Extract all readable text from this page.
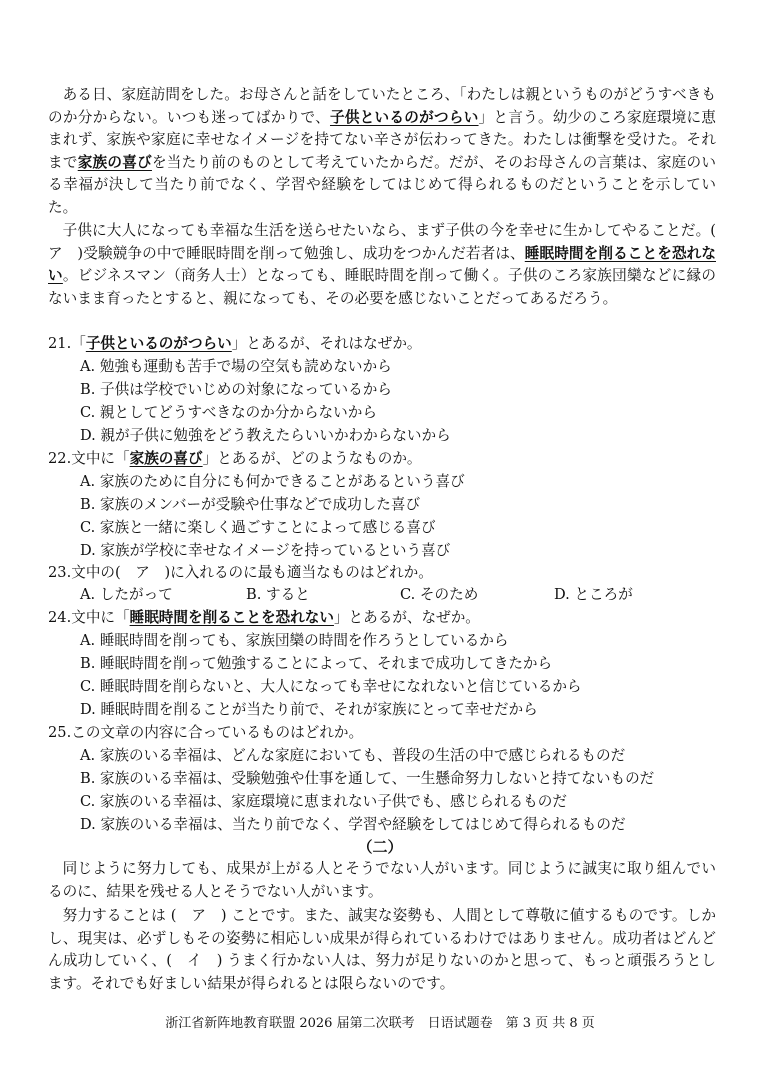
ある日、家庭訪問をした。お母さんと話をしていたところ、「わたしは親というものがどうすべきものか分からない。いつも迷ってばかりで、子供といるのがつらい」と言う。幼少のころ家庭環境に恵まれず、家族や家庭に幸せなイメージを持てない辛さが伝わってきた。わたしは衝撃を受けた。それまで家族の喜びを当たり前のものとして考えていたからだ。だが、そのお母さんの言葉は、家庭のいる幸福が決して当たり前でなく、学習や経験をしてはじめて得られるものだということを示していた。
子供に大人になっても幸福な生活を送らせたいなら、まず子供の今を幸せに生かしてやることだ。(　ア　)受験競争の中で睡眠時間を削って勉強し、成功をつかんだ若者は、睡眠時間を削ることを恐れない。ビジネスマン（商务人士）となっても、睡眠時間を削って働く。子供のころ家族団欒などに縁のないまま育ったとすると、親になっても、その必要を感じないことだってあるだろう。
21.「子供といるのがつらい」とあるが、それはなぜか。
A. 勉強も運動も苦手で場の空気も読めないから
B. 子供は学校でいじめの対象になっているから
C. 親としてどうすべきなのか分からないから
D. 親が子供に勉強をどう教えたらいいかわからないから
22.文中に「家族の喜び」とあるが、どのようなものか。
A. 家族のために自分にも何かできることがあるという喜び
B. 家族のメンバーが受験や仕事などで成功した喜び
C. 家族と一緒に楽しく過ごすことによって感じる喜び
D. 家族が学校に幸せなイメージを持っているという喜び
23.文中の(　ア　)に入れるのに最も適当なものはどれか。
A. したがって	B. すると	C. そのため	D. ところが
24.文中に「睡眠時間を削ることを恐れない」とあるが、なぜか。
A. 睡眠時間を削っても、家族団欒の時間を作ろうとしているから
B. 睡眠時間を削って勉強することによって、それまで成功してきたから
C. 睡眠時間を削らないと、大人になっても幸せになれないと信じているから
D. 睡眠時間を削ることが当たり前で、それが家族にとって幸せだから
25.この文章の内容に合っているものはどれか。
A. 家族のいる幸福は、どんな家庭においても、普段の生活の中で感じられるものだ
B. 家族のいる幸福は、受験勉強や仕事を通して、一生懸命努力しないと持てないものだ
C. 家族のいる幸福は、家庭環境に恵まれない子供でも、感じられるものだ
D. 家族のいる幸福は、当たり前でなく、学習や経験をしてはじめて得られるものだ
（二）
同じように努力しても、成果が上がる人とそうでない人がいます。同じように誠実に取り組んでいるのに、結果を残せる人とそうでない人がいます。
努力することは (　ア　) ことです。また、誠実な姿勢も、人間として尊敬に値するものです。しかし、現実は、必ずしもその姿勢に相応しい成果が得られているわけではありません。成功者はどんどん成功していく、(　イ　) うまく行かない人は、努力が足りないのかと思って、もっと頑張ろうとします。それでも好ましい結果が得られるとは限らないのです。
浙江省新阵地教育联盟 2026 届第二次联考　日语试题卷　第 3 页 共 8 页
